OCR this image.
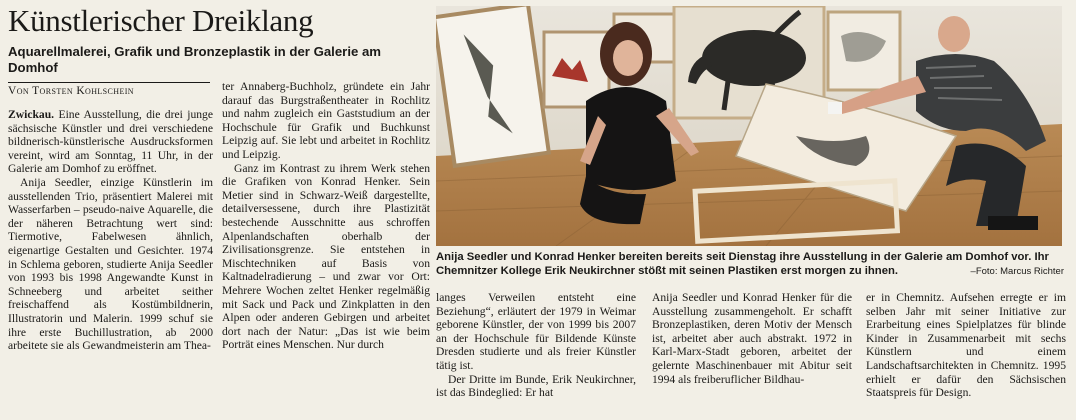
Künstlerischer Dreiklang
Aquarellmalerei, Grafik und Bronzeplastik in der Galerie am Domhof
Von Torsten Kohlschein

Zwickau. Eine Ausstellung, die drei junge sächsische Künstler und drei verschiedene bildnerisch-künstlerische Ausdrucksformen vereint, wird am Sonntag, 11 Uhr, in der Galerie am Domhof zu eröffnet.

Anija Seedler, einzige Künstlerin im ausstellenden Trio, präsentiert Malerei mit Wasserfarben – pseudo-naive Aquarelle, die der näheren Betrachtung wert sind: Tiermotive, Fabelwesen ähnlich, eigenartige Gestalten und Gesichter. 1974 in Schlema geboren, studierte Anija Seedler von 1993 bis 1998 Angewandte Kunst in Schneeberg und arbeitet seither freischaffend als Kostümbildnerin, Illustratorin und Malerin. 1999 schuf sie ihre erste Buchillustration, ab 2000 arbeitete sie als Gewandmeisterin am Thea-

ter Annaberg-Buchholz, gründete ein Jahr darauf das Burgstraßentheater in Rochlitz und nahm zugleich ein Gaststudium an der Hochschule für Grafik und Buchkunst Leipzig auf. Sie lebt und arbeitet in Rochlitz und Leipzig.

Ganz im Kontrast zu ihrem Werk stehen die Grafiken von Konrad Henker. Sein Metier sind in Schwarz-Weiß dargestellte, detailversessene, durch ihre Plastizität bestechende Ausschnitte aus schroffen Alpenlandschaften oberhalb der Zivilisationsgrenze. Sie entstehen in Mischtechniken auf Basis von Kaltnadelradierung – und zwar vor Ort: Mehrere Wochen zeltet Henker regelmäßig mit Sack und Pack und Zinkplatten in den Alpen oder anderen Gebirgen und arbeitet dort nach der Natur: „Das ist wie beim Porträt eines Menschen. Nur durch

Anija Seedler und Konrad Henker bereiten bereits seit Dienstag ihre Ausstellung in der Galerie am Domhof vor. Ihr Chemnitzer Kollege Erik Neukirchner stößt mit seinen Plastiken erst morgen zu ihnen.	–Foto: Marcus Richter

langes Verweilen entsteht eine Beziehung“, erläutert der 1979 in Weimar geborene Künstler, der von 1999 bis 2007 an der Hochschule für Bildende Künste Dresden studierte und als freier Künstler tätig ist.

Der Dritte im Bunde, Erik Neukirchner, ist das Bindeglied: Er hat

Anija Seedler und Konrad Henker für die Ausstellung zusammengeholt. Er schafft Bronzeplastiken, deren Motiv der Mensch ist, arbeitet aber auch abstrakt. 1972 in Karl-Marx-Stadt geboren, arbeitet der gelernte Maschinenbauer mit Abitur seit 1994 als freiberuflicher Bildhau-

er in Chemnitz. Aufsehen erregte er im selben Jahr mit seiner Initiative zur Erarbeitung eines Spielplatzes für blinde Kinder in Zusammenarbeit mit sechs Künstlern und einem Landschaftsarchitekten in Chemnitz. 1995 erhielt er dafür den Sächsischen Staatspreis für Design.
